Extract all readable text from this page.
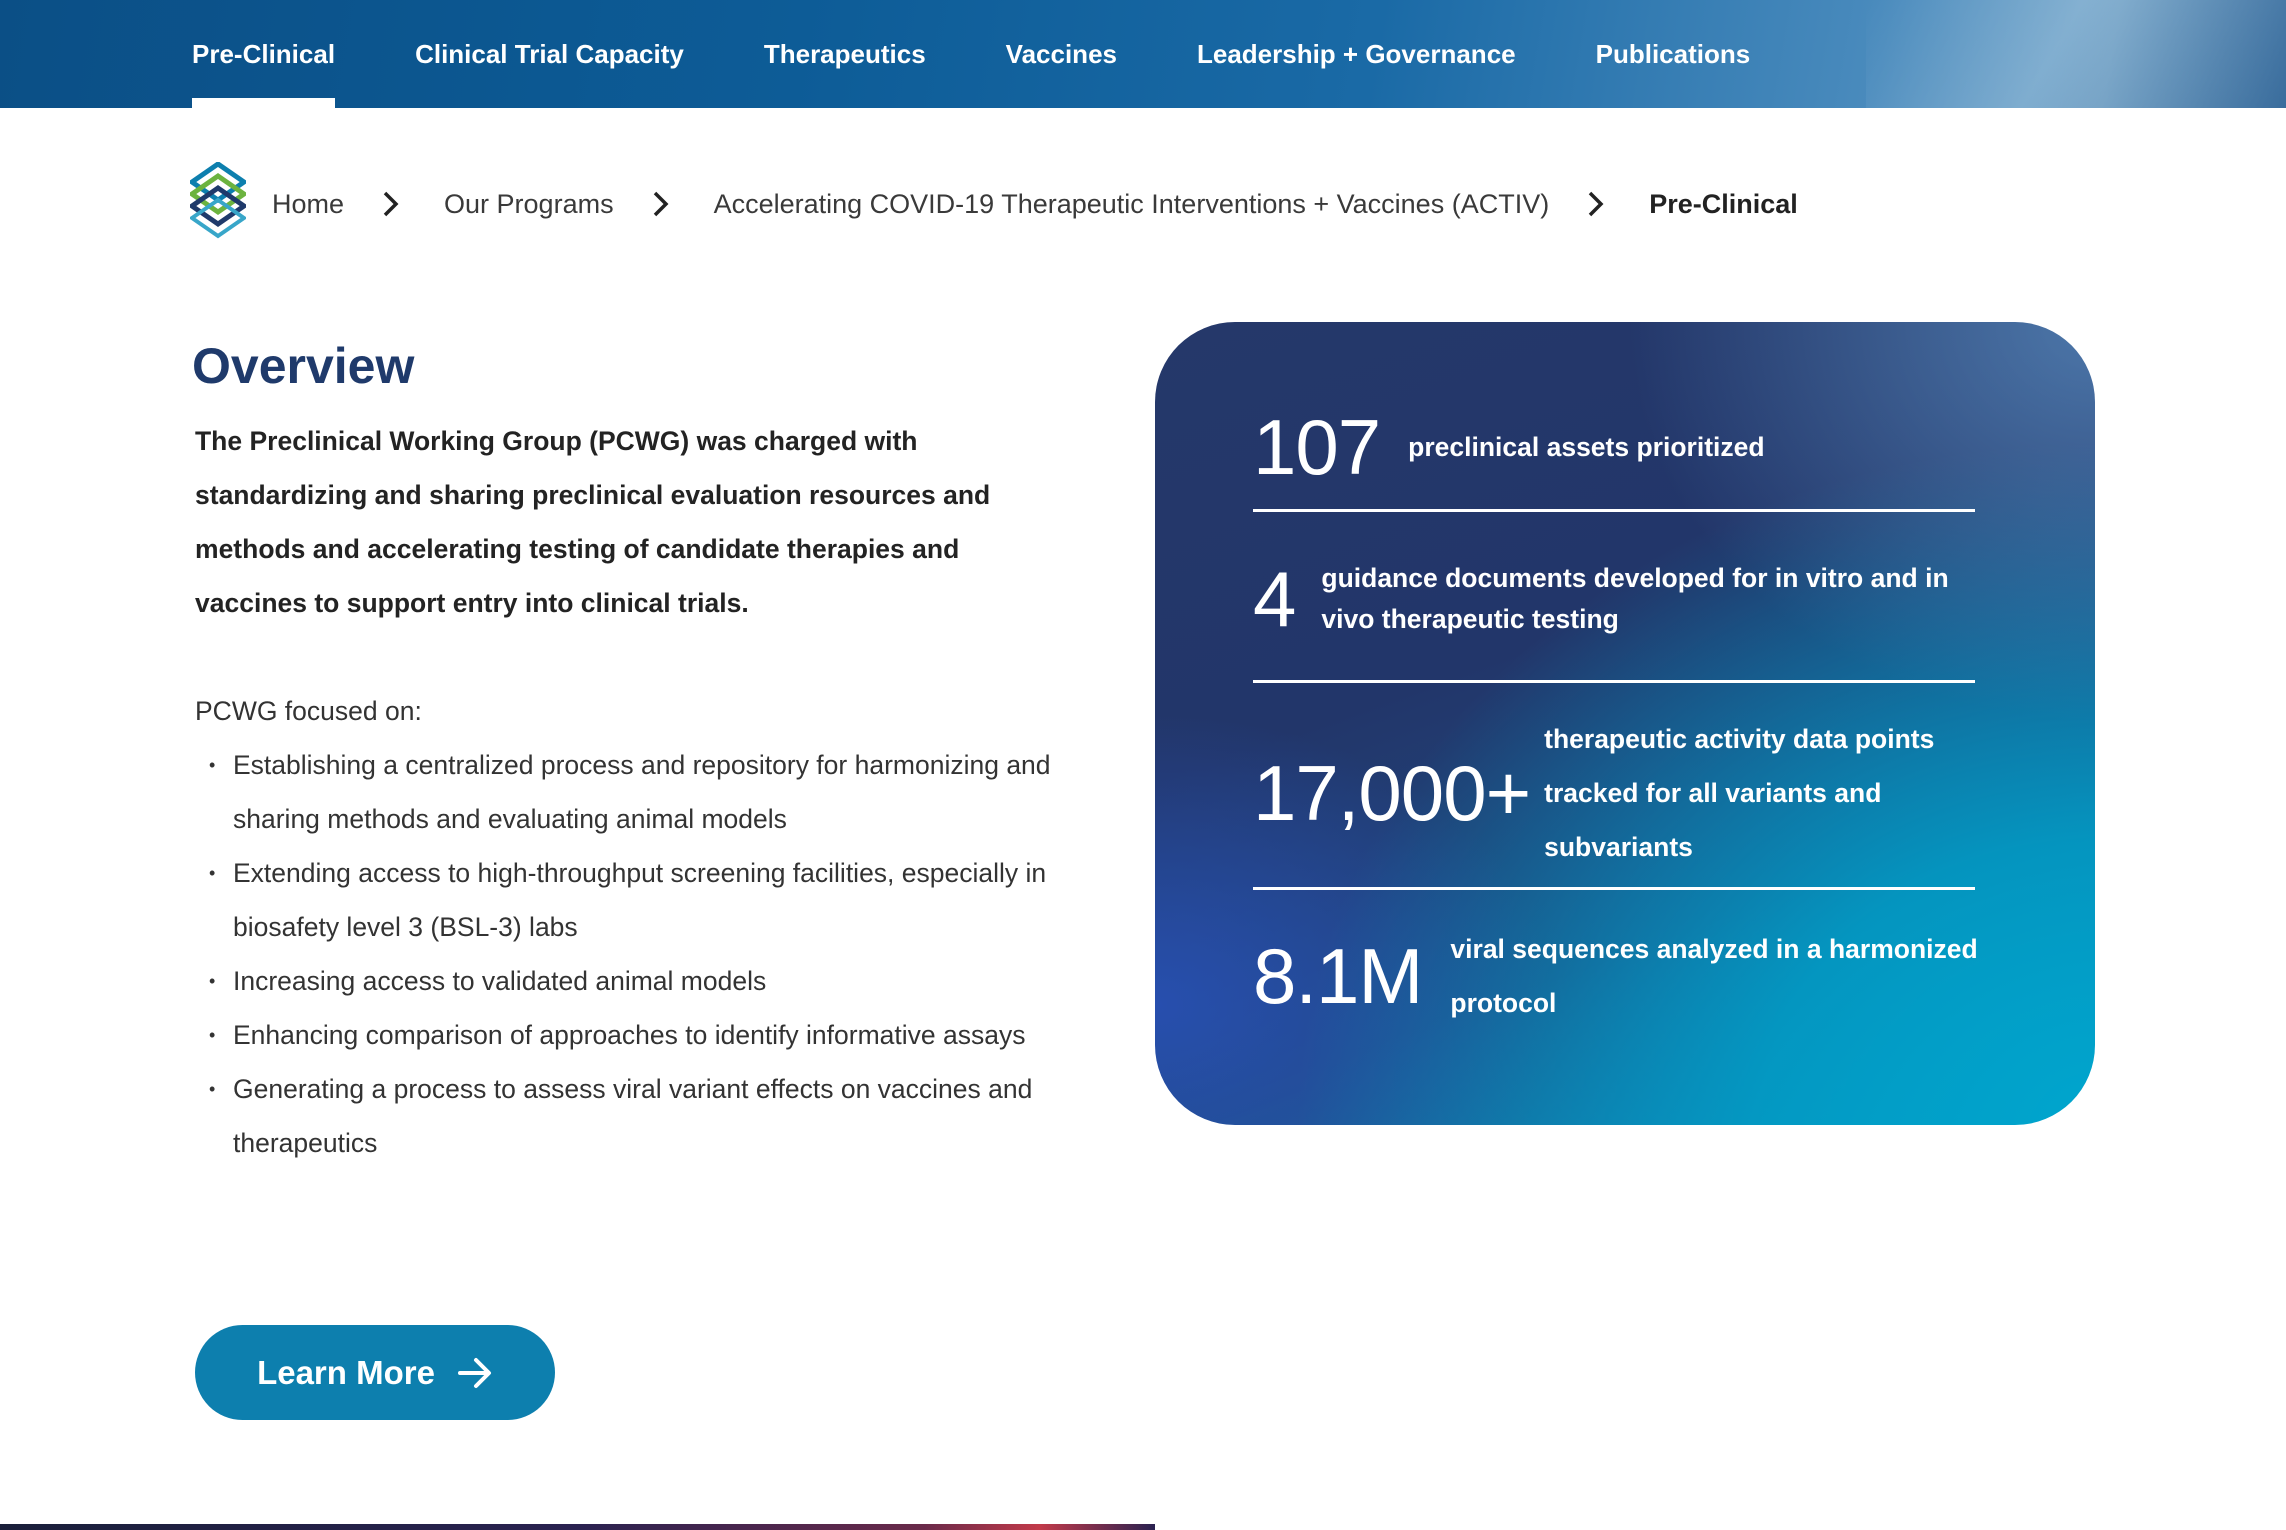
Pre-Clinical	Clinical Trial Capacity	Therapeutics	Vaccines	Leadership + Governance	Publications
Home	Our Programs	Accelerating COVID-19 Therapeutic Interventions + Vaccines (ACTIV)	Pre-Clinical
Overview

The Preclinical Working Group (PCWG) was charged with standardizing and sharing preclinical evaluation resources and methods and accelerating testing of candidate therapies and vaccines to support entry into clinical trials.

PCWG focused on:

• Establishing a centralized process and repository for harmonizing and sharing methods and evaluating animal models
• Extending access to high-throughput screening facilities, especially in biosafety level 3 (BSL-3) labs
• Increasing access to validated animal models
• Enhancing comparison of approaches to identify informative assays
• Generating a process to assess viral variant effects on vaccines and therapeutics
Learn More
107 preclinical assets prioritized
4 guidance documents developed for in vitro and in vivo therapeutic testing
17,000+
therapeutic activity data points tracked for all variants and subvariants
8.1M viral sequences analyzed in a harmonized protocol
